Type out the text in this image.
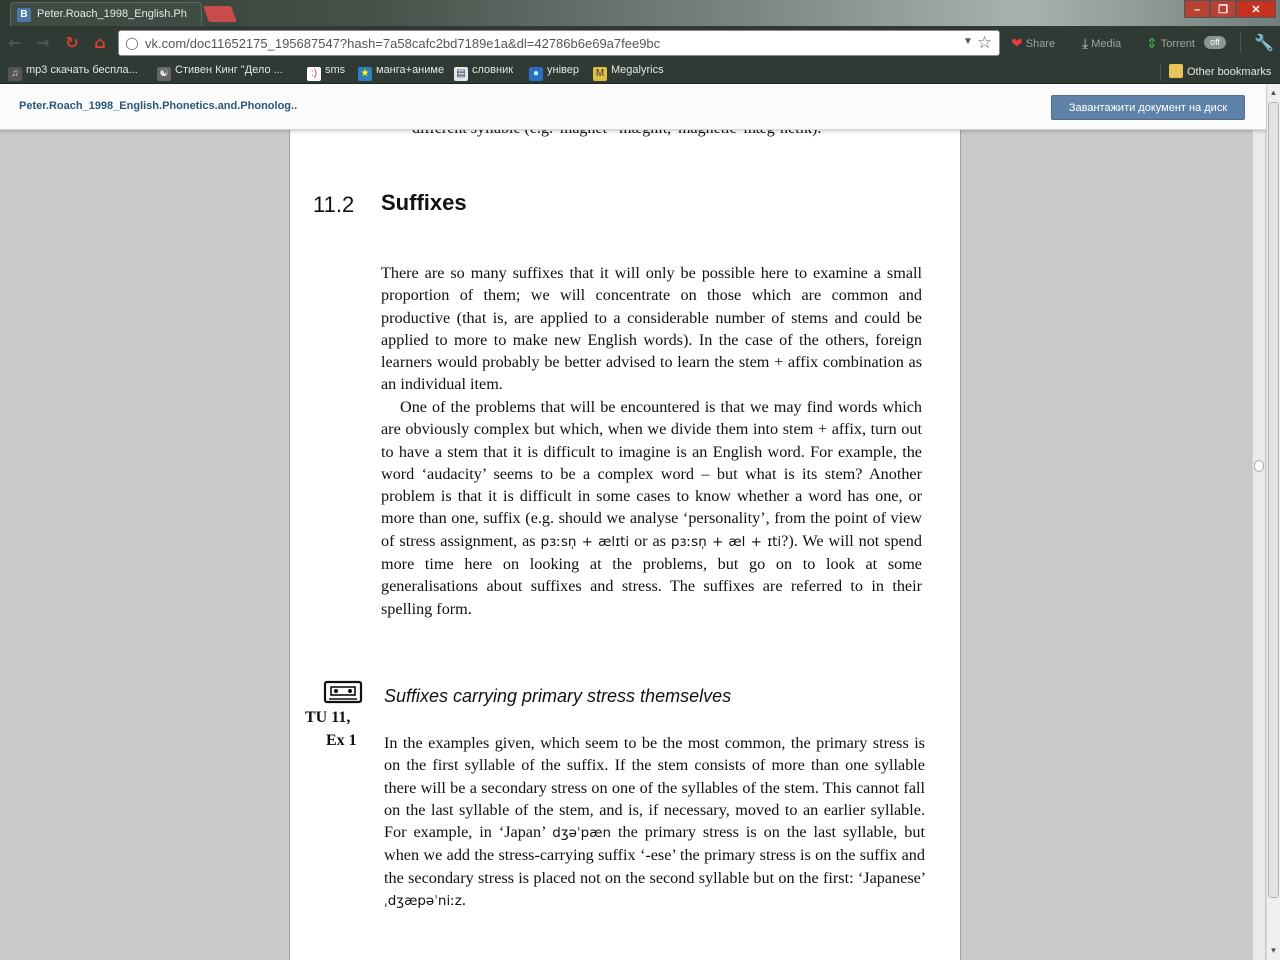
B Peter.Roach_1998_English.Ph	–	❐	✕
← → ↻ ⌂	◯ vk.com/doc11652175_195687547?hash=7a58cafc2bd7189e1a&dl=42786b6e69a7fee9bc	▼ ☆ ❤ Share ⤓ Media ⇕ Torrent	off	🔧
♫ mp3 скачать беспла... ☯ Стивен Кинг "Дело ...	:) sms ★ манга+аниме ▤ словник	● універ M Megalyrics	Other bookmarks
Peter.Roach_1998_English.Phonetics.and.Phonolog..	Завантажити документ на диск
▲
▼
11.2 Suffixes
There are so many suffixes that it will only be possible here to examine a small proportion of them; we will concentrate on those which are common and productive (that is, are applied to a considerable number of stems and could be applied to more to make new English words). In the case of the others, foreign learners would probably be better advised to learn the stem + affix combination as an individual item.
One of the problems that will be encountered is that we may find words which are obviously complex but which, when we divide them into stem + affix, turn out to have a stem that it is difficult to imagine is an English word. For example, the word ‘audacity’ seems to be a complex word – but what is its stem? Another problem is that it is difficult in some cases to know whether a word has one, or more than one, suffix (e.g. should we analyse ‘personality’, from the point of view of stress assignment, as pɜːsn̩ + ælɪti or as pɜːsn̩ + æl + ɪti?). We will not spend more time here on looking at the problems, but go on to look at some generalisations about suffixes and stress. The suffixes are referred to in their spelling form.
TU 11,
Ex 1
Suffixes carrying primary stress themselves
In the examples given, which seem to be the most common, the primary stress is on the first syllable of the suffix. If the stem consists of more than one syllable there will be a secondary stress on one of the syllables of the stem. This cannot fall on the last syllable of the stem, and is, if necessary, moved to an earlier syllable. For example, in ‘Japan’ dʒəˈpæn the primary stress is on the last syllable, but when we add the stress-carrying suffix ‘-ese’ the primary stress is on the suffix and the secondary stress is placed not on the second syllable but on the first: ‘Japanese’ ˌdʒæpəˈniːz.
